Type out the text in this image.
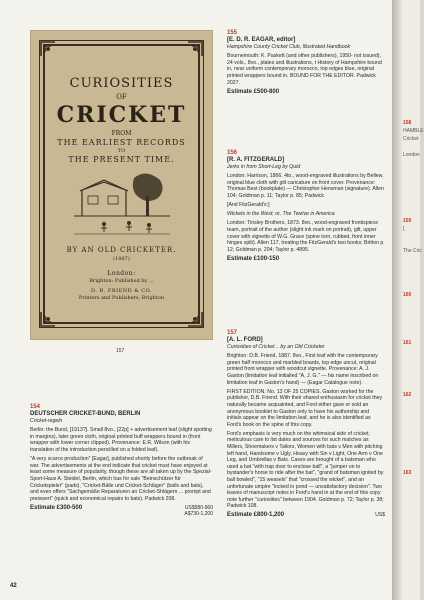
CURIOSITIES
OF
CRICKET
FROM
THE EARLIEST RECORDS
TO
THE PRESENT TIME.
BY AN OLD CRICKETER.
(1887)
London:
Brighton: Published by ...
D. B. FRIEND & CO.
Printers and Publishers, Brighton
157
155
[E. D. R. EAGAR, editor]

Hampshire County Cricket Club, Illustrated Handbook

Bournemouth: K. Paskett (and other publishers), 1950- not issued), 24 vols., 8vo., plates and illustrations, t History of Hampshire bound in, near uniform contemporary morocco, top edges blue, original printed wrappers bound in. BOUND FOR THE EDITOR. Padwick 2027.

Estimate £500-800
156
[R. A. FITZGERALD]

Jerks in from Short-Leg by Quid

London: Harrison, 1866. 4to., wood-engraved illustrations by Bellew, original blue cloth with gilt caricature on front cover. Provenance: Thomas Best (bookplate) — Christopher Hensman (signature). Allen 104; Goldman p. 11; Taylor p. 85; Padwick

[And FitzGerald's:]

Wickets in the West; or, The Twelve in America

London: Tinsley Brothers, 1873. 8vo., wood-engraved frontispiece team, portrait of the author (slight ink mark on portrait), gilt, upper cover with vignette of W.G. Grace (spine torn, rubbed, front inner hinges split). Allen 117, treating the FitzGerald's two books; Britton p. 12; Goldman p. 204; Taylor p. 4895.

Estimate £100-150
157
[A. L. FORD]

Curiosities of Cricket .. by an Old Cricketer

Brighton: D.B. Friend, 1887. 8vo., First leaf with the contemporary green half morocco and marbled boards, top edge uncut, original printed front wrapper with woodcut vignette. Provenance: A. J. Gaston (limitation leaf initialled "A. J. G." — his name inscribed on limitation leaf in Gaston's hand) — (Eagar Catalogue note).

FIRST EDITION. No. 13 OF 25 COPIES. Gaston worked for the publisher, D.B. Friend. With their shared enthusiasm for cricket they naturally became acquainted, and Ford either gave or sold an anonymous booklet to Gaston only to have his authorship and initials appear on the limitation leaf, and he is also identified as Ford's book on the spine of this copy.

Ford's emphasis is very much on the whimsical side of cricket, meticulous care to list dates and sources for such matches as Millers, Shoemakers v Tailors, Women with bats v Men with pitching left hand, Handsome v Ugly, Heavy with Sin v Light, One Arm v One Leg, and Umbrellas v Bats. Cases are brought of a batsman who used a bat "with trap door to enclose ball", a "jumper on to bystander's horse to ride after the bat", "grand of batsman ignited by ball bowled", "15 weasels" that "crossed the wicket", and an unfortunate umpire "locked in pond — unsatisfactory decision". Two leaves of manuscript notes in Ford's hand in at the end of this copy note further "curiosities" between 1904. Goldman p. 72; Taylor p. 38; Padwick 108.

Estimate £800-1,200	US$
154
DEUTSCHER CRICKET-BUND, BERLIN

Cricket-regeln

Berlin: the Bund, [1913?]. Small 8vo., [22p] + advertisement leaf (slight spotting in margins), later green cloth, original printed buff wrappers bound in (front wrapper with lower corner clipped). Provenance: E.R. Wilson (with his translation of the introduction pencilled on a folded leaf).

"A very scarce production" [Eagar], published shortly before the outbreak of war. The advertisements at the end indicate that cricket must have enjoyed at least some measure of popularity, though these are all taken up by the Spezial-Sport-Haus A. Steidel, Berlin, which has for sale "Beinschützer für Cricketspieler" (pads), "Cricket-Bälle und Cricket-Schläger" (balls and bats), and even offers "Sachgemäße Reparaturen an Cricket-Shlägern ... prompt and preiswert" (quick and economical repairs to bats). Padwick 208.

US$580-960
A$730-1,200
Estimate £300-500
42
158
HAMBLE
Cricket
London
159
[
The Cric
160
161
162
163
